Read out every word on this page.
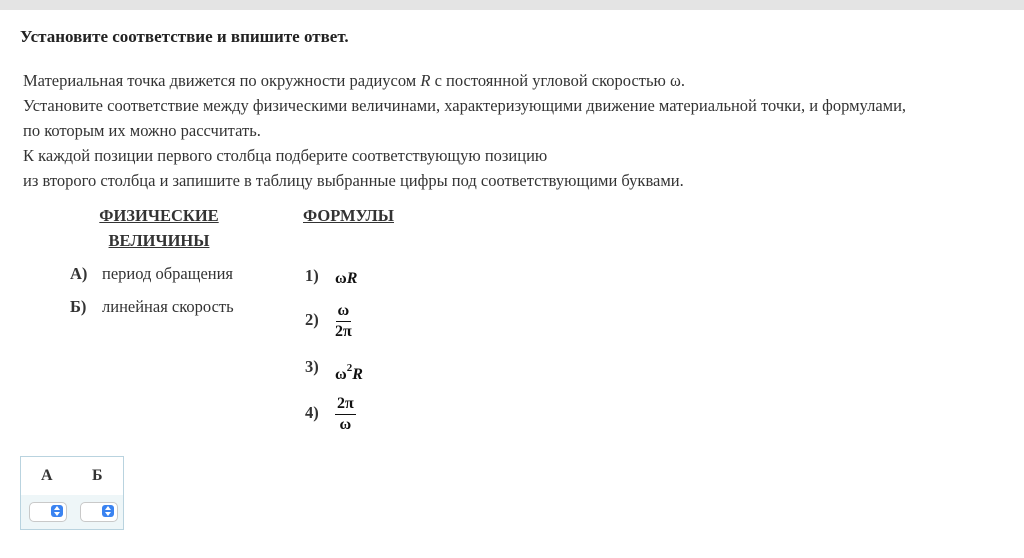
Установите соответствие и впишите ответ.

Материальная точка движется по окружности радиусом R с постоянной угловой скоростью ω.

Установите соответствие между физическими величинами, характеризующими движение материальной точки, и формулами,

по которым их можно рассчитать.

К каждой позиции первого столбца подберите соответствующую позицию

из второго столбца и запишите в таблицу выбранные цифры под соответствующими буквами.

ФИЗИЧЕСКИЕ
ВЕЛИЧИНЫ
ФОРМУЛЫ
А) период обращения
Б) линейная скорость
1) ωR
$2) \frac{\omega}{2\pi}$
3) $\omega^2R$
$4) \frac{2\pi}{\omega}$
А Б
